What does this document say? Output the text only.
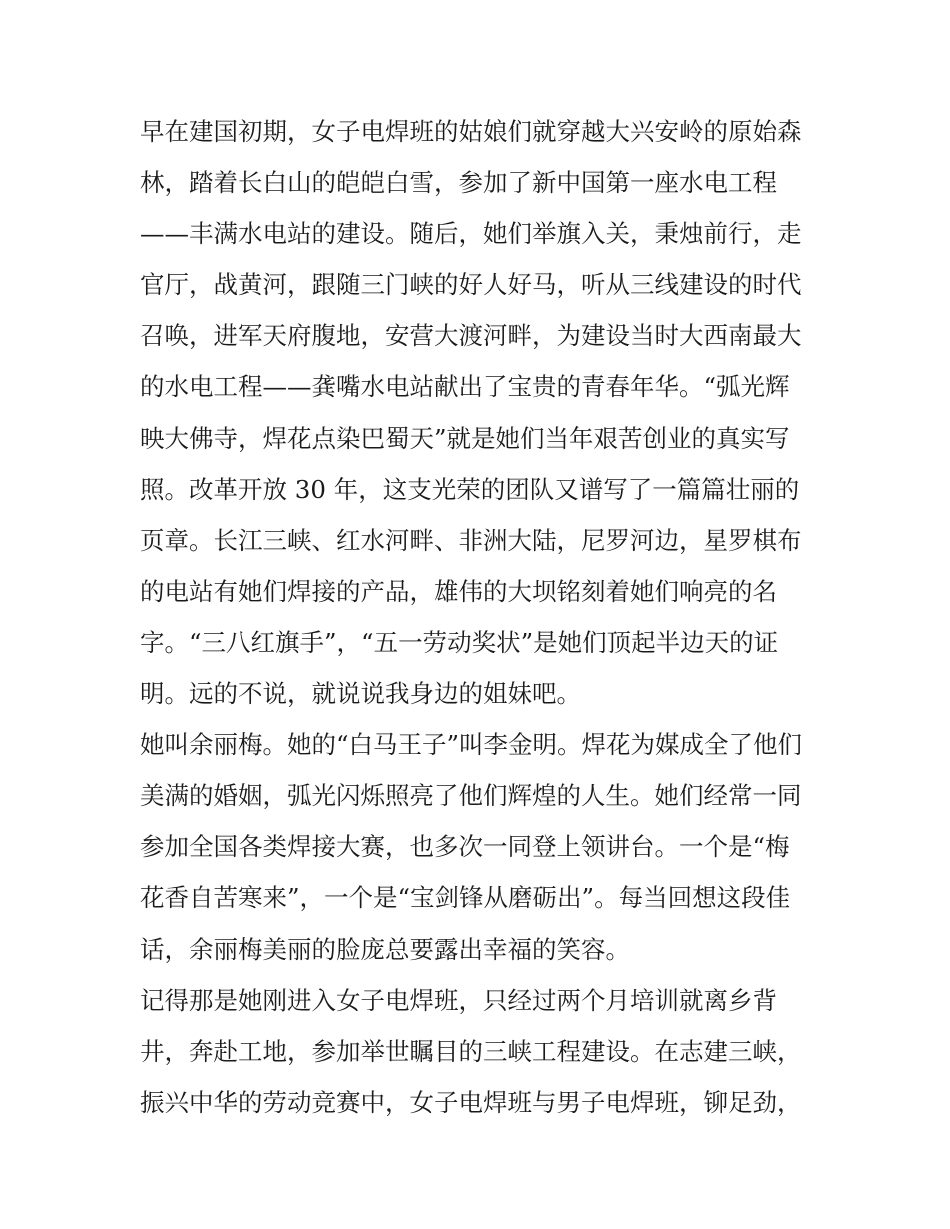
早在建国初期，女子电焊班的姑娘们就穿越大兴安岭的原始森
林，踏着长白山的皑皑白雪，参加了新中国第一座水电工程
——丰满水电站的建设。随后，她们举旗入关，秉烛前行，走
官厅，战黄河，跟随三门峡的好人好马，听从三线建设的时代
召唤，进军天府腹地，安营大渡河畔，为建设当时大西南最大
的水电工程——龚嘴水电站献出了宝贵的青春年华。“弧光辉
映大佛寺，焊花点染巴蜀天”就是她们当年艰苦创业的真实写
照。改革开放 30 年，这支光荣的团队又谱写了一篇篇壮丽的
页章。长江三峡、红水河畔、非洲大陆，尼罗河边，星罗棋布
的电站有她们焊接的产品，雄伟的大坝铭刻着她们响亮的名
字。“三八红旗手”，“五一劳动奖状”是她们顶起半边天的证
明。远的不说，就说说我身边的姐妹吧。
她叫余丽梅。她的“白马王子”叫李金明。焊花为媒成全了他们
美满的婚姻，弧光闪烁照亮了他们辉煌的人生。她们经常一同
参加全国各类焊接大赛，也多次一同登上领讲台。一个是“梅
花香自苦寒来”，一个是“宝剑锋从磨砺出”。每当回想这段佳
话，余丽梅美丽的脸庞总要露出幸福的笑容。
记得那是她刚进入女子电焊班，只经过两个月培训就离乡背
井，奔赴工地，参加举世瞩目的三峡工程建设。在志建三峡，
振兴中华的劳动竞赛中，女子电焊班与男子电焊班，铆足劲，
